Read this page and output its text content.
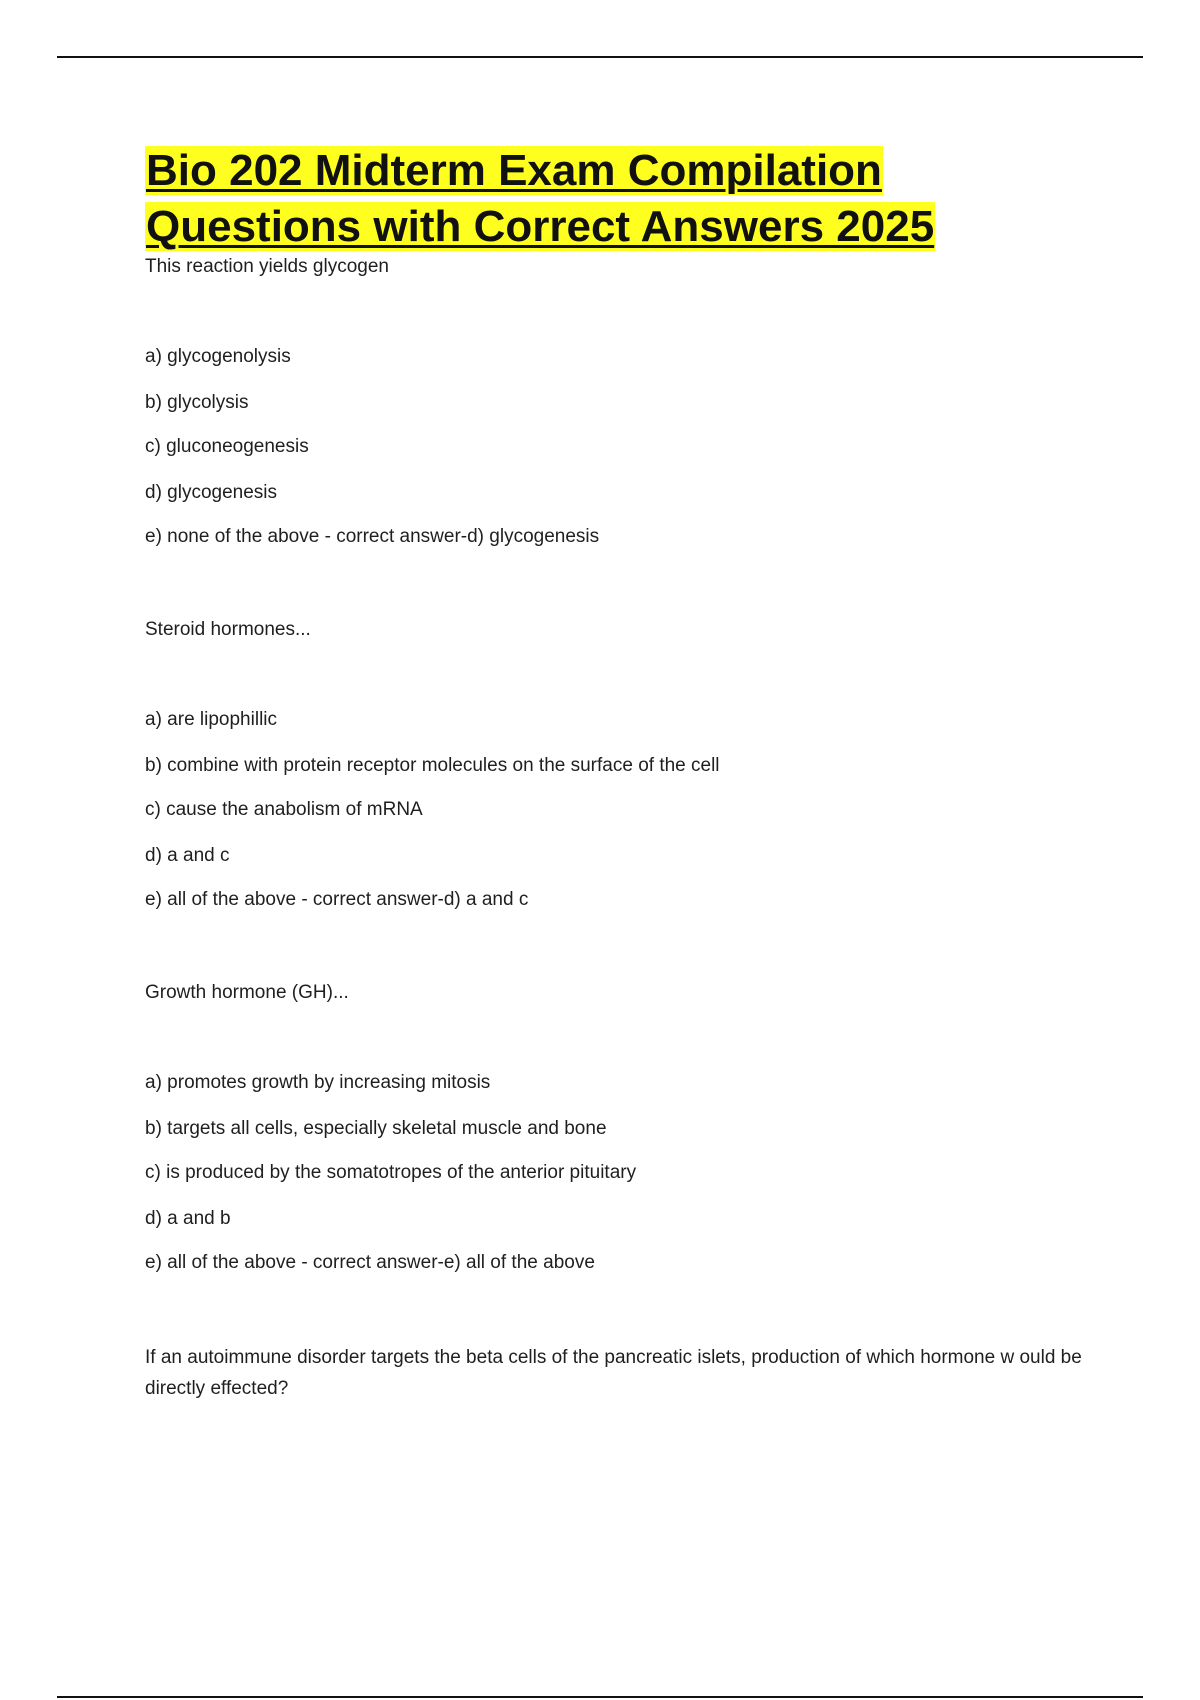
Bio 202 Midterm Exam Compilation
Questions with Correct Answers 2025

This reaction yields glycogen

a) glycogenolysis
b) glycolysis
c) gluconeogenesis
d) glycogenesis
e) none of the above - correct answer-d) glycogenesis

Steroid hormones...

a) are lipophillic
b) combine with protein receptor molecules on the surface of the cell
c) cause the anabolism of mRNA
d) a and c
e) all of the above - correct answer-d) a and c

Growth hormone (GH)...

a) promotes growth by increasing mitosis
b) targets all cells, especially skeletal muscle and bone
c) is produced by the somatotropes of the anterior pituitary
d) a and b
e) all of the above - correct answer-e) all of the above

If an autoimmune disorder targets the beta cells of the pancreatic islets, production of which hormone w ould be directly effected?
